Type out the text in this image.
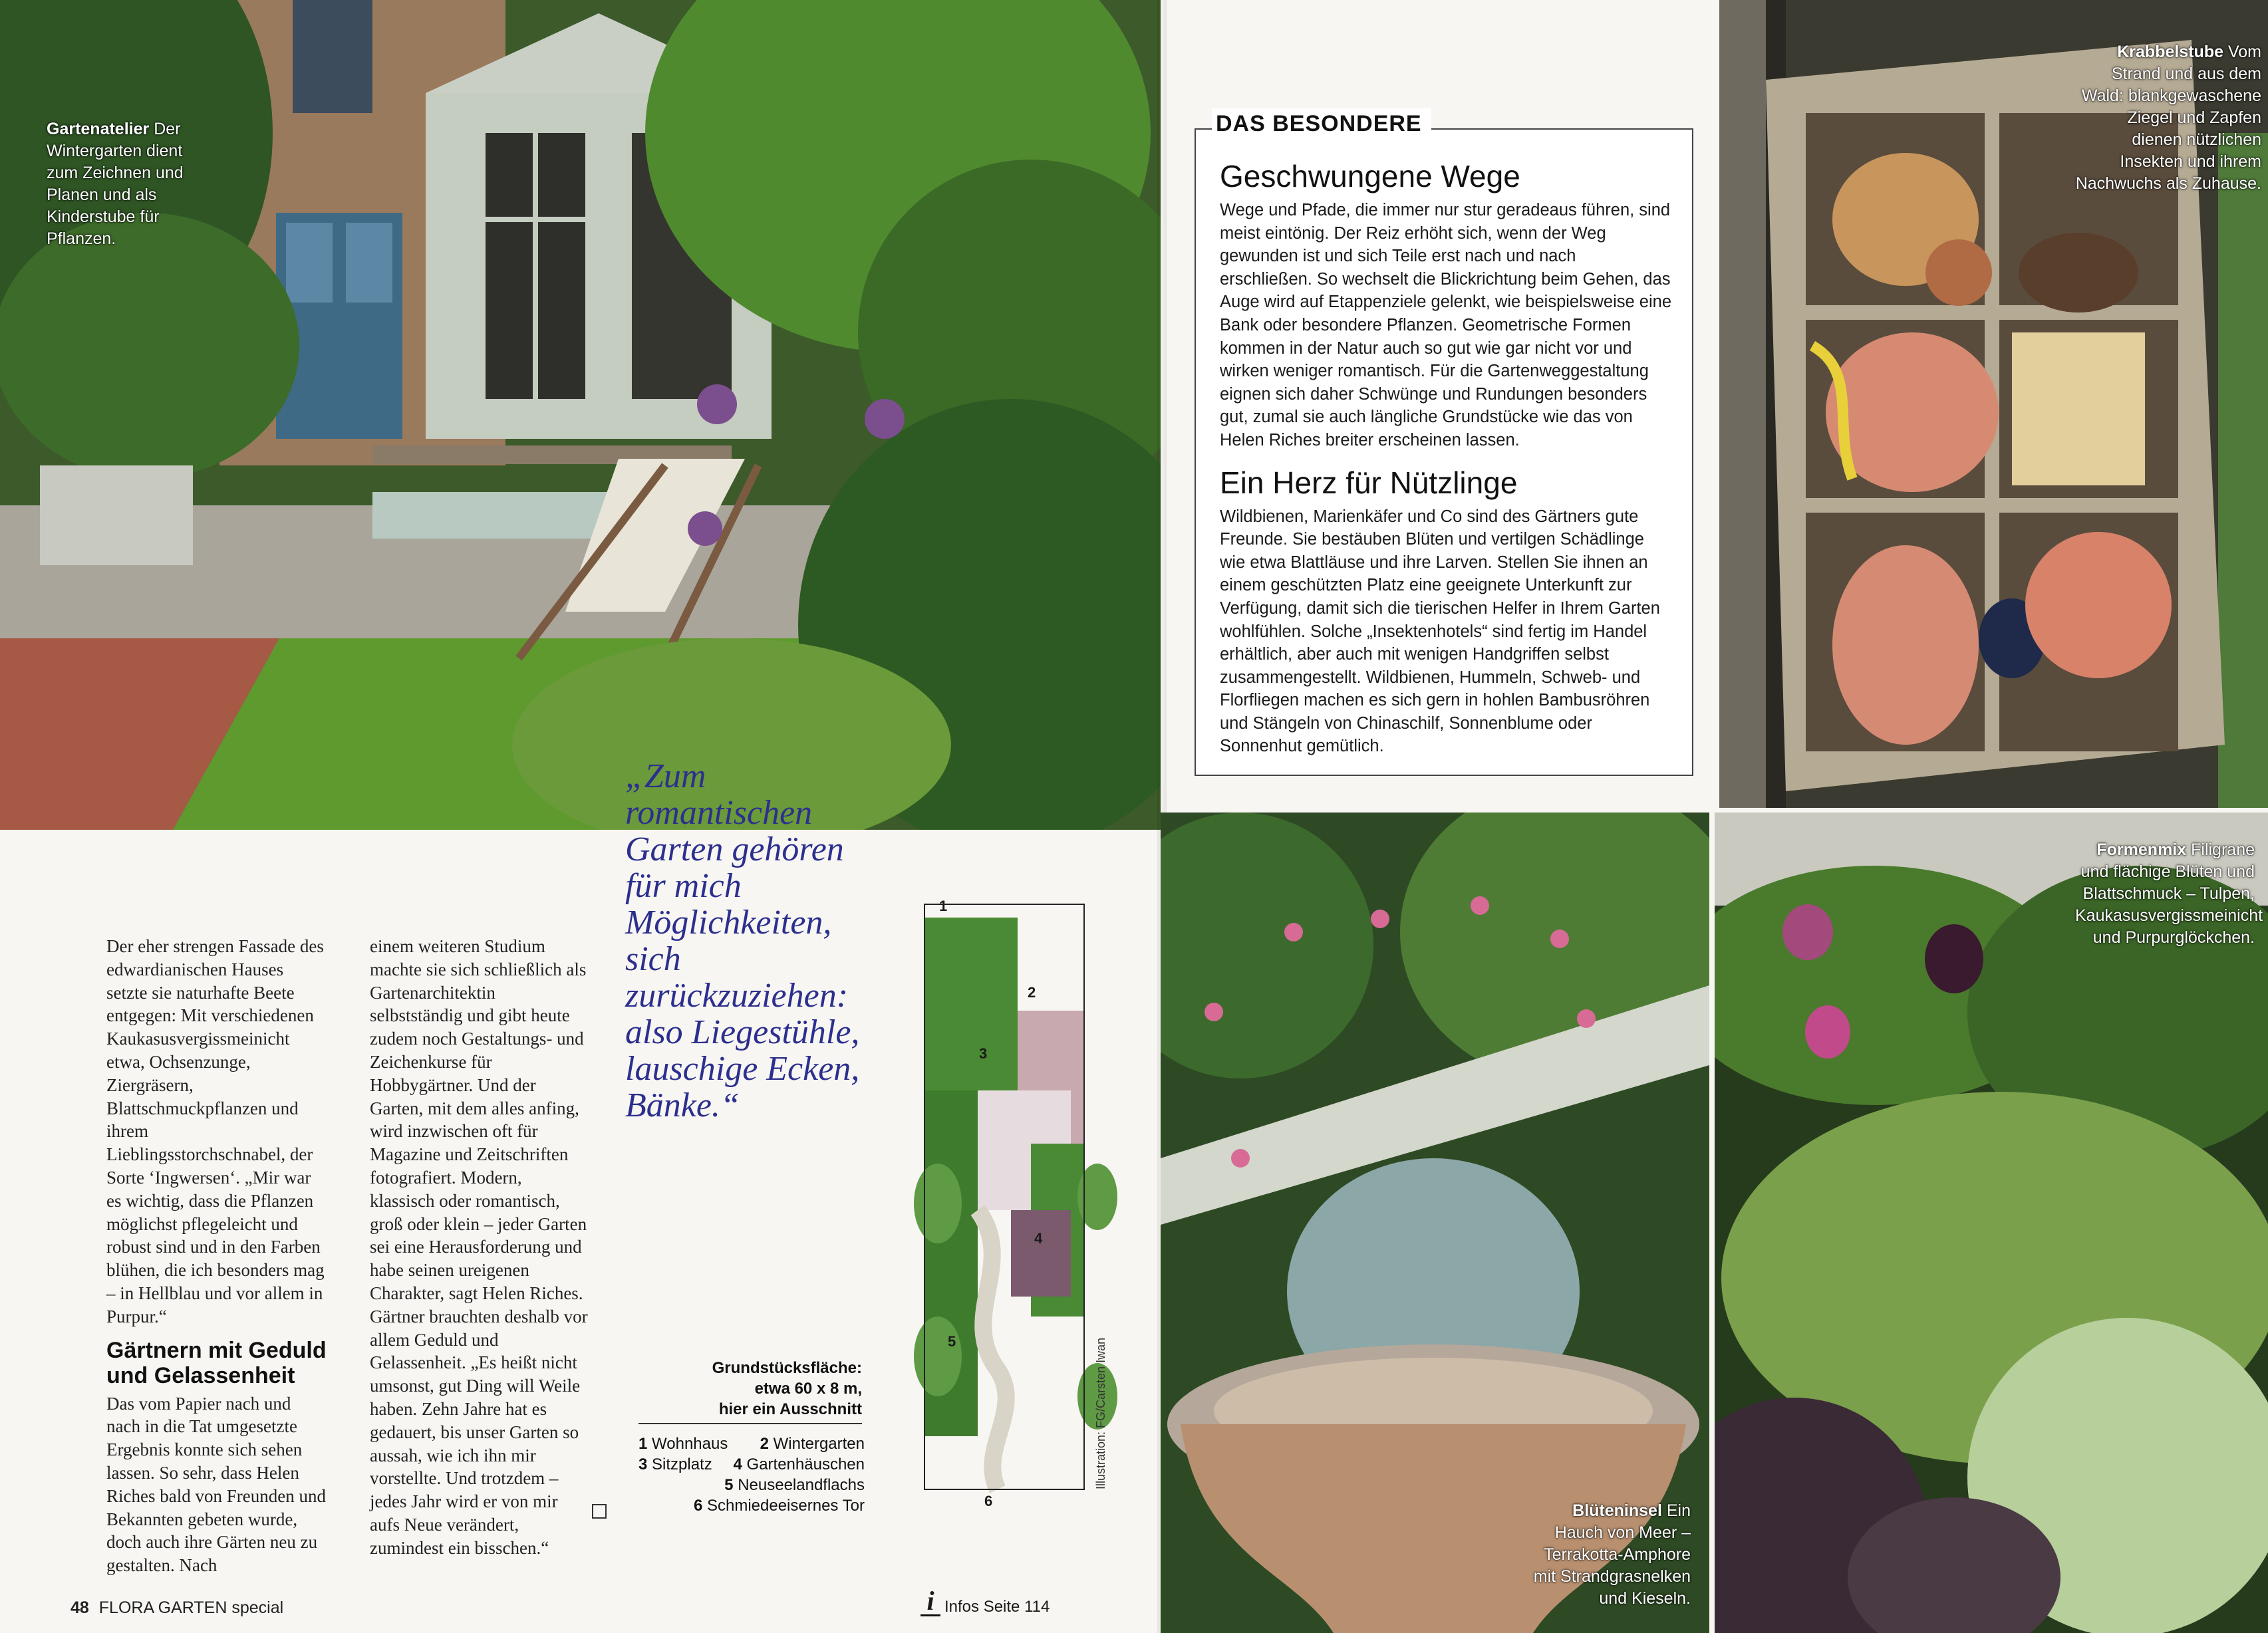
Gartenatelier Der Wintergarten dient zum Zeichnen und Planen und als Kinderstube für Pflanzen.
„Zum romantischen Garten gehören für mich Möglichkeiten, sich zurückzuziehen: also Liegestühle, lauschige Ecken, Bänke.“

Der eher strengen Fassade des edwardianischen Hauses setzte sie naturhafte Beete entgegen: Mit verschiedenen Kaukasusvergissmeinicht etwa, Ochsenzunge, Ziergräsern, Blattschmuckpflanzen und ihrem Lieblingsstorchschnabel, der Sorte ‘Ingwersen‘. „Mir war es wichtig, dass die Pflanzen möglichst pflegeleicht und robust sind und in den Farben blühen, die ich besonders mag – in Hellblau und vor allem in Purpur.“

Gärtnern mit Geduld und Gelassenheit

Das vom Papier nach und nach in die Tat umgesetzte Ergebnis konnte sich sehen lassen. So sehr, dass Helen Riches bald von Freunden und Bekannten gebeten wurde, doch auch ihre Gärten neu zu gestalten. Nach

einem weiteren Studium machte sie sich schließlich als Gartenarchitektin selbstständig und gibt heute zudem noch Gestaltungs- und Zeichenkurse für Hobbygärtner. Und der Garten, mit dem alles anfing, wird inzwischen oft für Magazine und Zeitschriften fotografiert. Modern, klassisch oder romantisch, groß oder klein – jeder Garten sei eine Herausforderung und habe seinen ureigenen Charakter, sagt Helen Riches. Gärtner brauchten deshalb vor allem Geduld und Gelassenheit. „Es heißt nicht umsonst, gut Ding will Weile haben. Zehn Jahre hat es gedauert, bis unser Garten so aussah, wie ich ihn mir vorstellte. Und trotzdem – jedes Jahr wird er von mir aufs Neue verändert, zumindest ein bisschen.“

1
2
3
4
5
6
Illustration: FG/Carsten Iwan
Grundstücksfläche:
etwa 60 x 8 m,
hier ein Ausschnitt
1 Wohnhaus 2 Wintergarten
3 Sitzplatz 4 Gartenhäuschen
5 Neuseelandflachs
6 Schmiedeeisernes Tor
48 FLORA GARTEN special	i Infos Seite 114
Geschwungene Wege

Wege und Pfade, die immer nur stur geradeaus führen, sind meist eintönig. Der Reiz erhöht sich, wenn der Weg gewunden ist und sich Teile erst nach und nach erschließen. So wechselt die Blickrichtung beim Gehen, das Auge wird auf Etappenziele gelenkt, wie beispielsweise eine Bank oder besondere Pflanzen. Geometrische Formen kommen in der Natur auch so gut wie gar nicht vor und wirken weniger romantisch. Für die Gartenweggestaltung eignen sich daher Schwünge und Rundungen besonders gut, zumal sie auch längliche Grundstücke wie das von Helen Riches breiter erscheinen lassen.

Ein Herz für Nützlinge

Wildbienen, Marienkäfer und Co sind des Gärtners gute Freunde. Sie bestäuben Blüten und vertilgen Schädlinge wie etwa Blattläuse und ihre Larven. Stellen Sie ihnen an einem geschützten Platz eine geeignete Unterkunft zur Verfügung, damit sich die tierischen Helfer in Ihrem Garten wohlfühlen. Solche „Insektenhotels“ sind fertig im Handel erhältlich, aber auch mit wenigen Handgriffen selbst zusammengestellt. Wildbienen, Hummeln, Schweb- und Florfliegen machen es sich gern in hohlen Bambusröhren und Stängeln von Chinaschilf, Sonnenblume oder Sonnenhut gemütlich.

DAS BESONDERE
Krabbelstube Vom Strand und aus dem Wald: blankgewaschene Ziegel und Zapfen dienen nützlichen Insekten und ihrem Nachwuchs als Zuhause.
Blüteninsel Ein Hauch von Meer – Terrakotta-Amphore mit Strandgrasnelken und Kieseln.
Formenmix Filigrane und flächige Blüten und Blattschmuck – Tulpen, Kaukasusvergissmeinicht und Purpurglöckchen.
